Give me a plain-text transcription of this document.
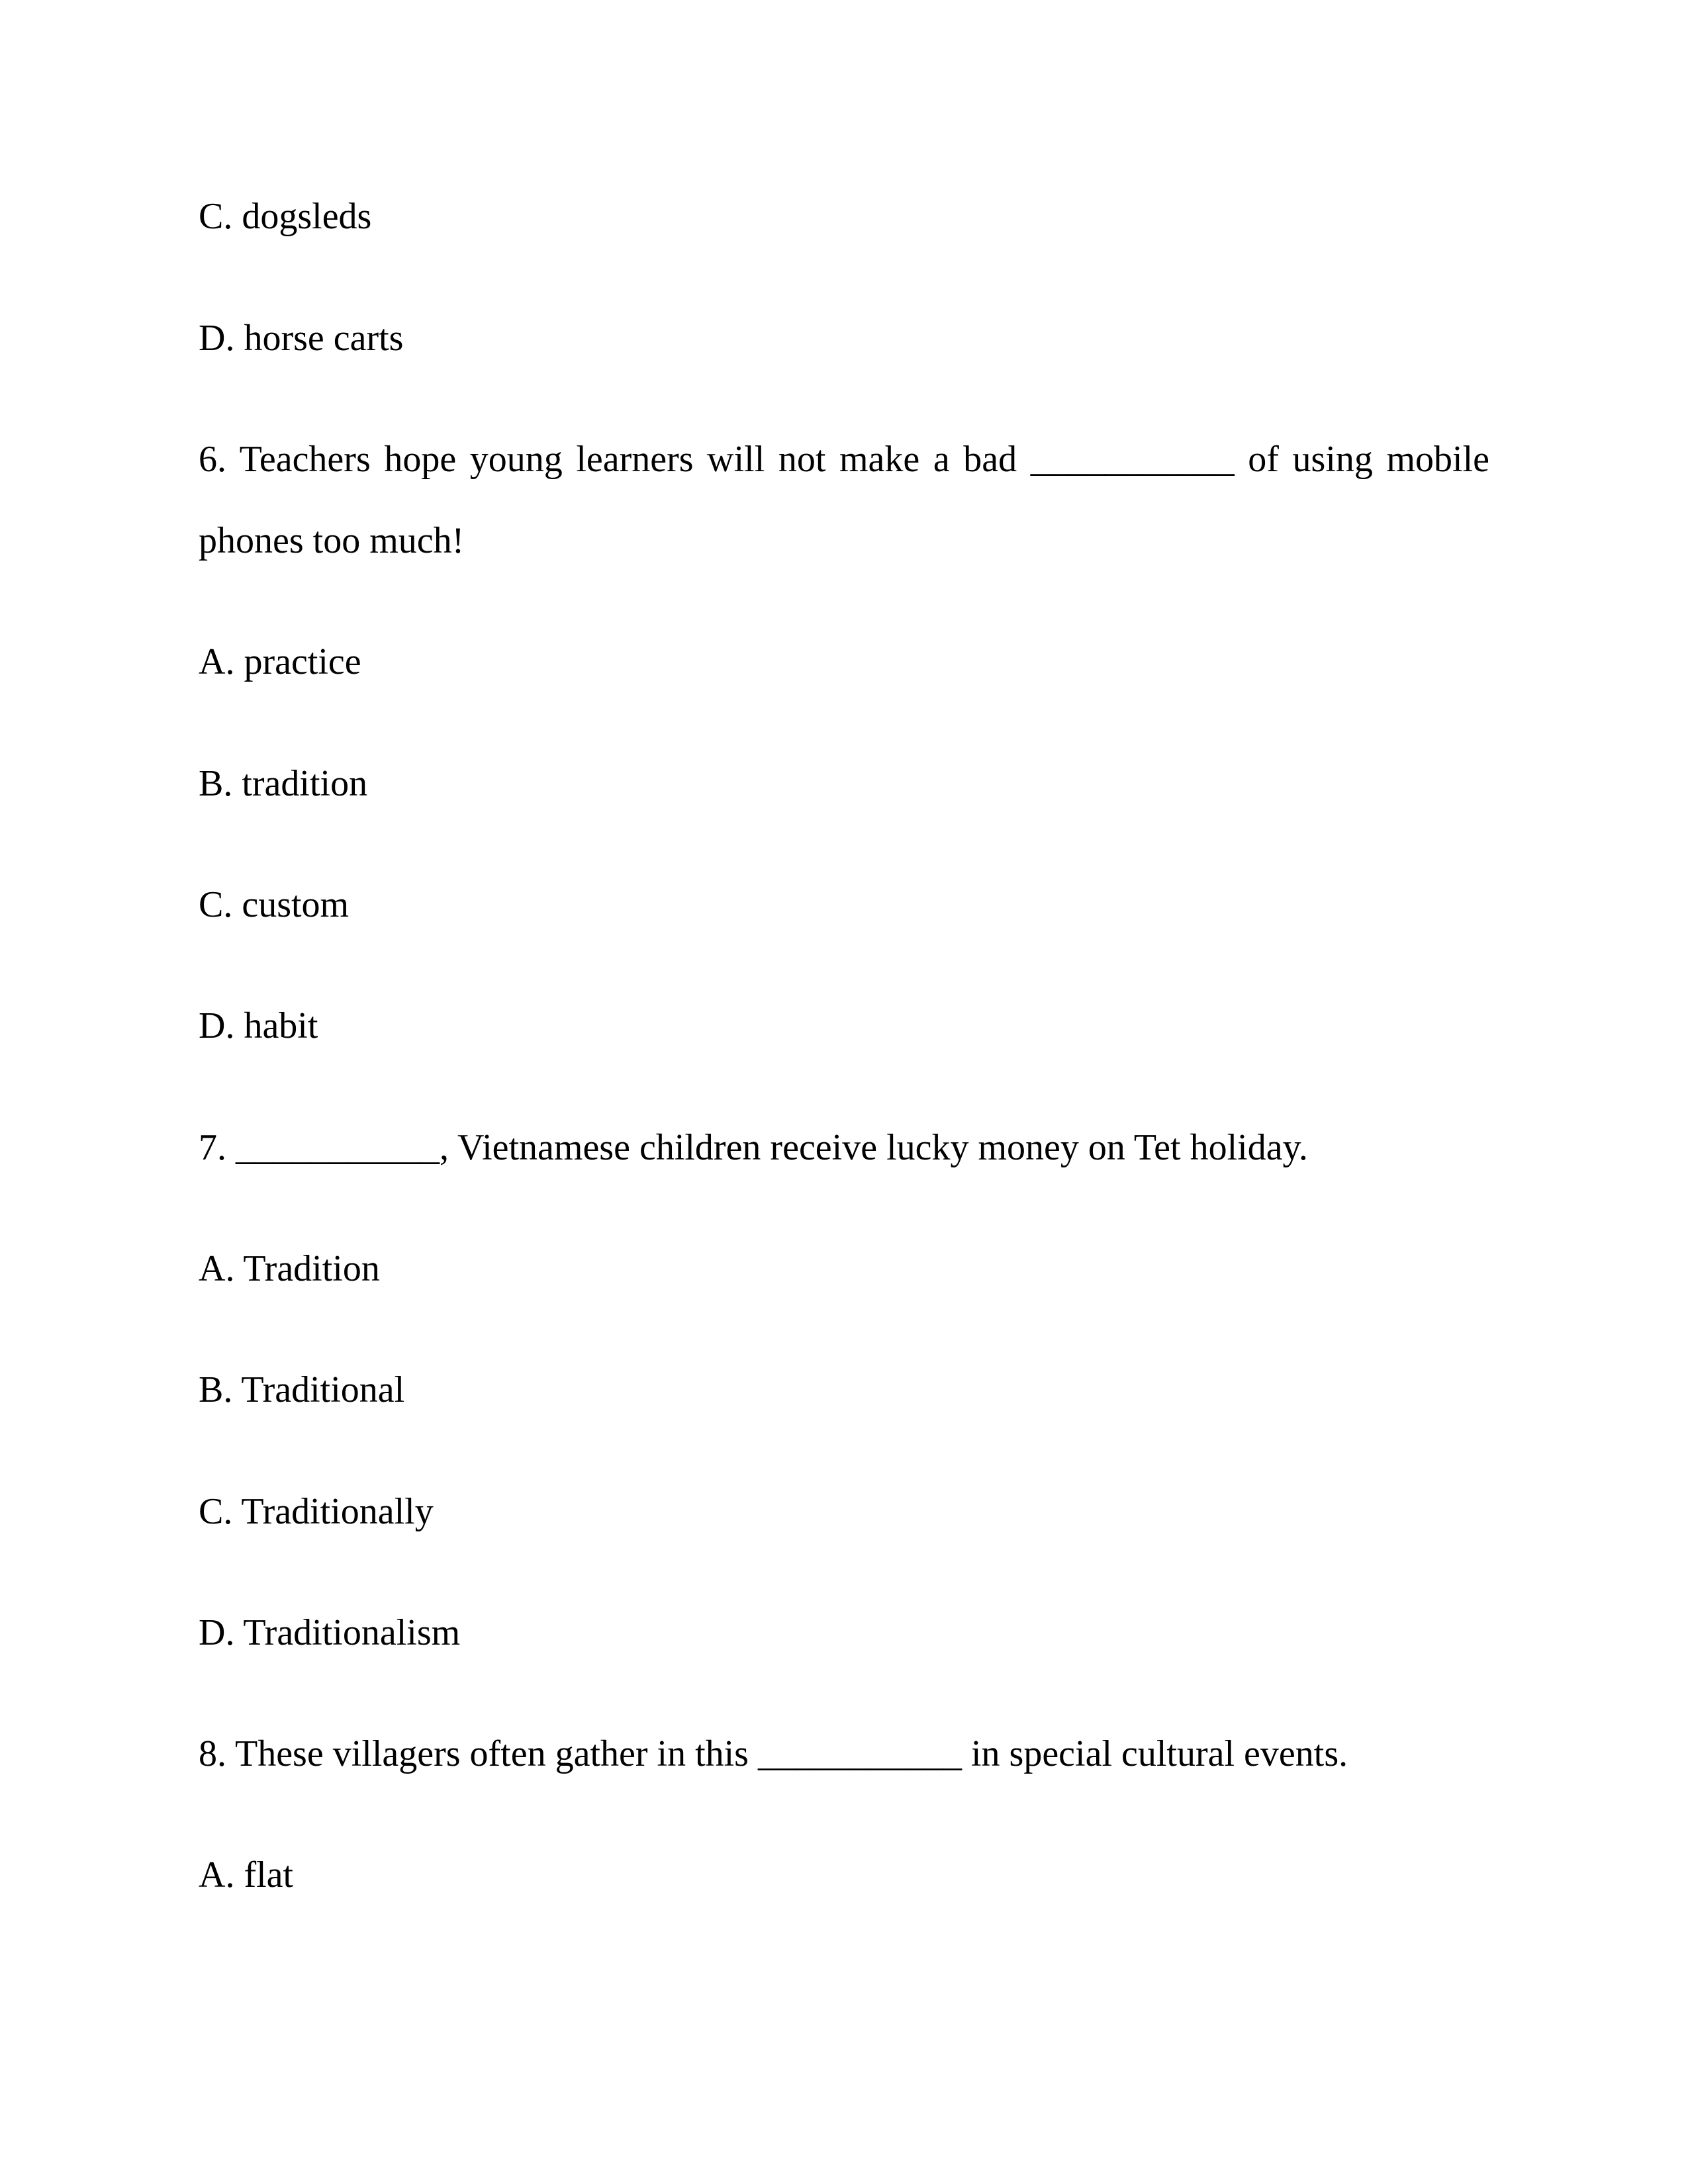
C. dogsleds

D. horse carts

6. Teachers hope young learners will not make a bad ___________ of using mobile
phones too much!

A. practice

B. tradition

C. custom

D. habit

7. ___________, Vietnamese children receive lucky money on Tet holiday.

A. Tradition

B. Traditional

C. Traditionally

D. Traditionalism

8. These villagers often gather in this ___________ in special cultural events.

A. flat
